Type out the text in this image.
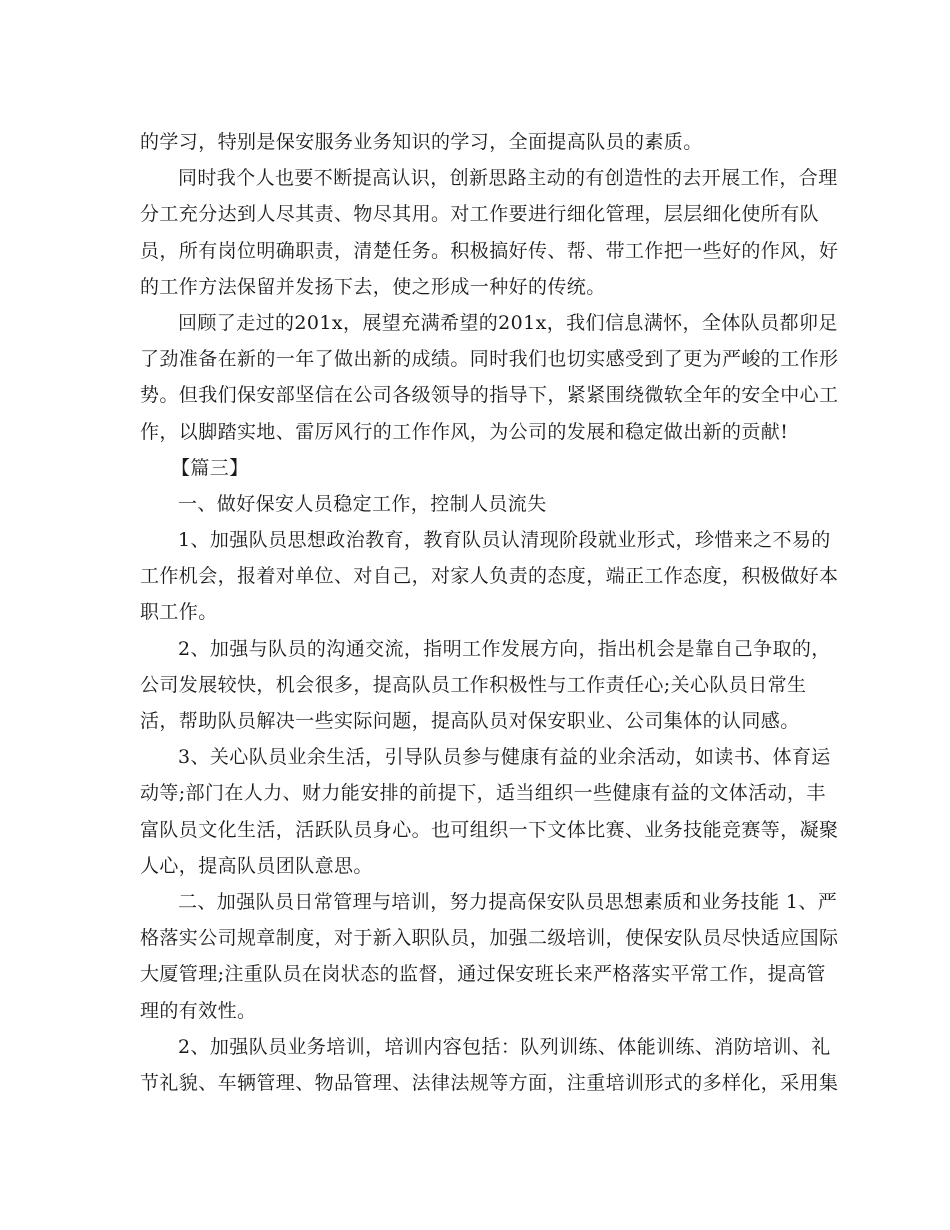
的学习，特别是保安服务业务知识的学习，全面提高队员的素质。
同时我个人也要不断提高认识，创新思路主动的有创造性的去开展工作，合理
分工充分达到人尽其责、物尽其用。对工作要进行细化管理，层层细化使所有队
员，所有岗位明确职责，清楚任务。积极搞好传、帮、带工作把一些好的作风，好
的工作方法保留并发扬下去，使之形成一种好的传统。
回顾了走过的201x，展望充满希望的201x，我们信息满怀，全体队员都卯足
了劲准备在新的一年了做出新的成绩。同时我们也切实感受到了更为严峻的工作形
势。但我们保安部坚信在公司各级领导的指导下，紧紧围绕微软全年的安全中心工
作，以脚踏实地、雷厉风行的工作作风，为公司的发展和稳定做出新的贡献!
【篇三】
一、做好保安人员稳定工作，控制人员流失
1、加强队员思想政治教育，教育队员认清现阶段就业形式，珍惜来之不易的
工作机会，报着对单位、对自己，对家人负责的态度，端正工作态度，积极做好本
职工作。
2、加强与队员的沟通交流，指明工作发展方向，指出机会是靠自己争取的，
公司发展较快，机会很多，提高队员工作积极性与工作责任心;关心队员日常生
活，帮助队员解决一些实际问题，提高队员对保安职业、公司集体的认同感。
3、关心队员业余生活，引导队员参与健康有益的业余活动，如读书、体育运
动等;部门在人力、财力能安排的前提下，适当组织一些健康有益的文体活动，丰
富队员文化生活，活跃队员身心。也可组织一下文体比赛、业务技能竞赛等，凝聚
人心，提高队员团队意思。
二、加强队员日常管理与培训，努力提高保安队员思想素质和业务技能 1、严
格落实公司规章制度，对于新入职队员，加强二级培训，使保安队员尽快适应国际
大厦管理;注重队员在岗状态的监督，通过保安班长来严格落实平常工作，提高管
理的有效性。
2、加强队员业务培训，培训内容包括：队列训练、体能训练、消防培训、礼
节礼貌、车辆管理、物品管理、法律法规等方面，注重培训形式的多样化，采用集
